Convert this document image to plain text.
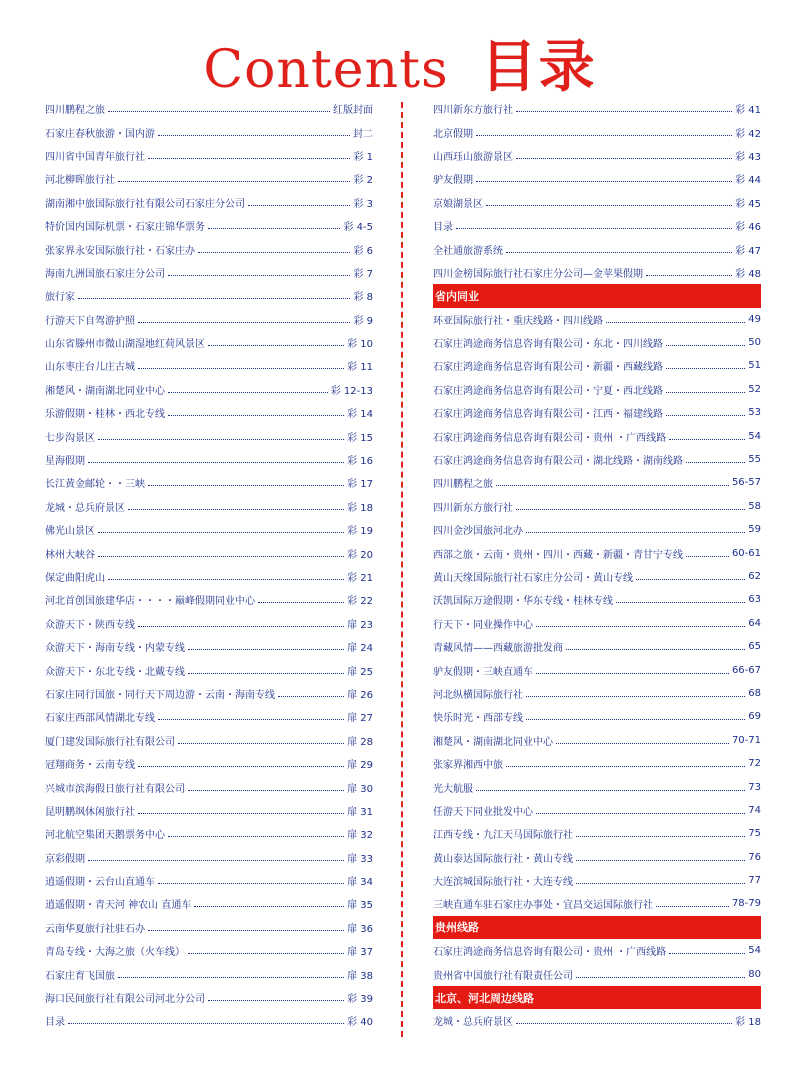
Contents 目录
四川鹏程之旅	红版封面
石家庄春秋旅游・国内游	封二
四川省中国青年旅行社	彩 1
河北柳晖旅行社	彩 2
湖南湘中旅国际旅行社有限公司石家庄分公司	彩 3
特价国内国际机票・石家庄锦华票务	彩 4-5
张家界永安国际旅行社・石家庄办	彩 6
海南九洲国旅石家庄分公司	彩 7
旅行家	彩 8
行游天下自驾游护照	彩 9
山东省滕州市微山湖湿地红荷风景区	彩 10
山东枣庄台儿庄古城	彩 11
湘楚风・湖南湖北同业中心	彩 12-13
乐游假期・桂林・西北专线	彩 14
七步沟景区	彩 15
星海假期	彩 16
长江黄金邮轮・・三峡	彩 17
龙城・总兵府景区	彩 18
佛光山景区	彩 19
林州大峡谷	彩 20
保定曲阳虎山	彩 21
河北首创国旅建华店・・・・巅峰假期同业中心	彩 22
众游天下・陕西专线	扉 23
众游天下・海南专线・内蒙专线	扉 24
众游天下・东北专线・北戴专线	扉 25
石家庄同行国旅・同行天下周边游・云南・海南专线	扉 26
石家庄西部风情湖北专线	扉 27
厦门建发国际旅行社有限公司	扉 28
冠翔商务・云南专线	扉 29
兴城市滨海假日旅行社有限公司	扉 30
昆明鹏飒休闲旅行社	扉 31
河北航空集团天鹅票务中心	扉 32
京彩假期	扉 33
逍遥假期・云台山直通车	扉 34
逍遥假期・青天河 神农山 直通车	扉 35
云南华夏旅行社驻石办	扉 36
青岛专线・大海之旅（火车线）	扉 37
石家庄育飞国旅	扉 38
海口民间旅行社有限公司河北分公司	彩 39
目录	彩 40
四川新东方旅行社	彩 41
北京假期	彩 42
山西珏山旅游景区	彩 43
驴友假期	彩 44
京娘湖景区	彩 45
目录	彩 46
全社通旅游系统	彩 47
四川金榜国际旅行社石家庄分公司—金苹果假期	彩 48
省内同业
环亚国际旅行社・重庆线路・四川线路	49
石家庄鸿途商务信息咨询有限公司・东北・四川线路	50
石家庄鸿途商务信息咨询有限公司・新疆・西藏线路	51
石家庄鸿途商务信息咨询有限公司・宁夏・西北线路	52
石家庄鸿途商务信息咨询有限公司・江西・福建线路	53
石家庄鸿途商务信息咨询有限公司・贵州 ・广西线路	54
石家庄鸿途商务信息咨询有限公司・湖北线路・湖南线路	55
四川鹏程之旅	56-57
四川新东方旅行社	58
四川金沙国旅河北办	59
西部之旅・云南・贵州・四川・西藏・新疆・青甘宁专线	60-61
黄山天缘国际旅行社石家庄分公司・黄山专线	62
沃凯国际万途假期・华东专线・桂林专线	63
行天下・同业操作中心	64
青藏风情——西藏旅游批发商	65
驴友假期・三峡直通车	66-67
河北纵横国际旅行社	68
快乐时光・西部专线	69
湘楚风・湖南湖北同业中心	70-71
张家界湘西中旅	72
光大航服	73
任游天下同业批发中心	74
江西专线・九江天马国际旅行社	75
黄山泰达国际旅行社・黄山专线	76
大连滨城国际旅行社・大连专线	77
三峡直通车驻石家庄办事处・宜昌交运国际旅行社	78-79
贵州线路
石家庄鸿途商务信息咨询有限公司・贵州 ・广西线路	54
贵州省中国旅行社有限责任公司	80
北京、河北周边线路
龙城・总兵府景区	彩 18
